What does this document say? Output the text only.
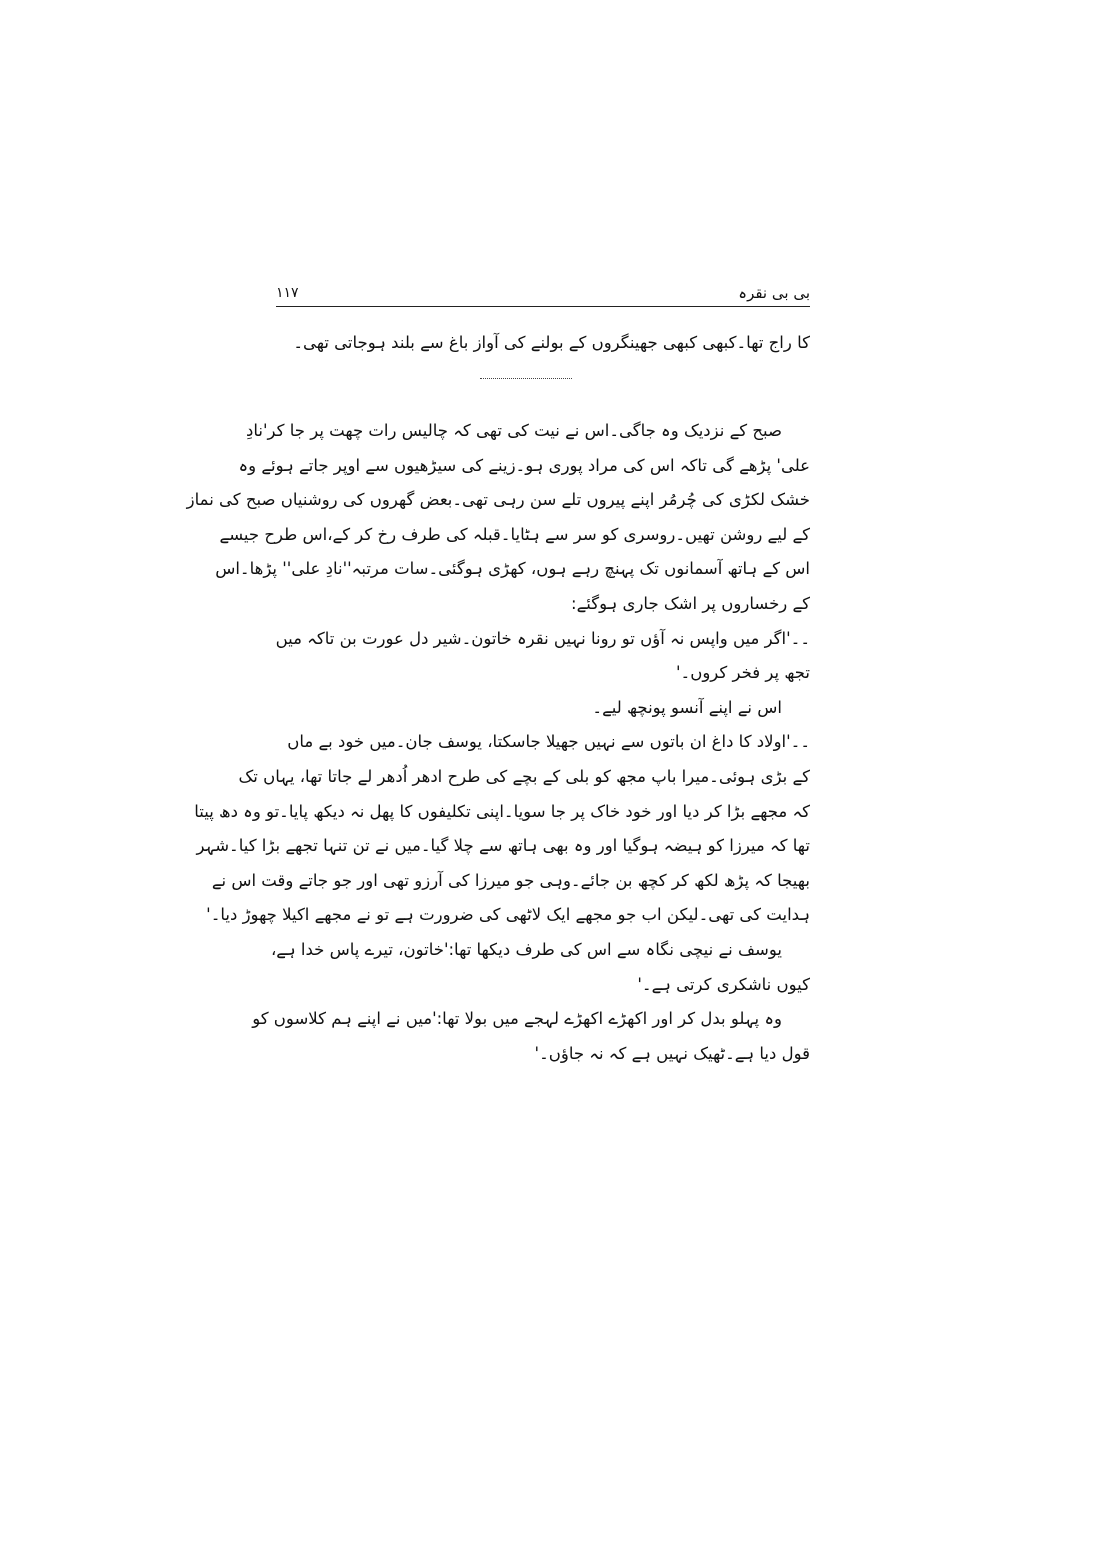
بی بی نقرہ
۱۱۷
کا راج تھا۔کبھی کبھی جھینگروں کے بولنے کی آواز باغ سے بلند ہوجاتی تھی۔
صبح کے نزدیک وہ جاگی۔اس نے نیت کی تھی کہ چالیس رات چھت پر جا کر'نادِ
علی' پڑھے گی تاکہ اس کی مراد پوری ہو۔زینے کی سیڑھیوں سے اوپر جاتے ہوئے وہ
خشک لکڑی کی چُرمُر اپنے پیروں تلے سن رہی تھی۔بعض گھروں کی روشنیاں صبح کی نماز
کے لیے روشن تھیں۔روسری کو سر سے ہٹایا۔قبلہ کی طرف رخ کر کے،اس طرح جیسے
اس کے ہاتھ آسمانوں تک پہنچ رہے ہوں، کھڑی ہوگئی۔سات مرتبہ''نادِ علی'' پڑھا۔اس
کے رخساروں پر اشک جاری ہوگئے:
۔۔'اگر میں واپس نہ آؤں تو رونا نہیں نقرہ خاتون۔شیر دل عورت بن تاکہ میں
تجھ پر فخر کروں۔'
اس نے اپنے آنسو پونچھ لیے۔
۔۔'اولاد کا داغ ان باتوں سے نہیں جھیلا جاسکتا، یوسف جان۔میں خود بے ماں
کے بڑی ہوئی۔میرا باپ مجھ کو بلی کے بچے کی طرح ادھر اُدھر لے جاتا تھا، یہاں تک
کہ مجھے بڑا کر دیا اور خود خاک پر جا سویا۔اپنی تکلیفوں کا پھل نہ دیکھ پایا۔تو وہ دھ پیتا
تھا کہ میرزا کو ہیضہ ہوگیا اور وہ بھی ہاتھ سے چلا گیا۔میں نے تن تنہا تجھے بڑا کیا۔شہر
بھیجا کہ پڑھ لکھ کر کچھ بن جائے۔وہی جو میرزا کی آرزو تھی اور جو جاتے وقت اس نے
ہدایت کی تھی۔لیکن اب جو مجھے ایک لاٹھی کی ضرورت ہے تو نے مجھے اکیلا چھوڑ دیا۔'
یوسف نے نیچی نگاہ سے اس کی طرف دیکھا تھا:'خاتون، تیرے پاس خدا ہے،
کیوں ناشکری کرتی ہے۔'
وہ پہلو بدل کر اور اکھڑے اکھڑے لہجے میں بولا تھا:'میں نے اپنے ہم کلاسوں کو
قول دیا ہے۔ٹھیک نہیں ہے کہ نہ جاؤں۔'
